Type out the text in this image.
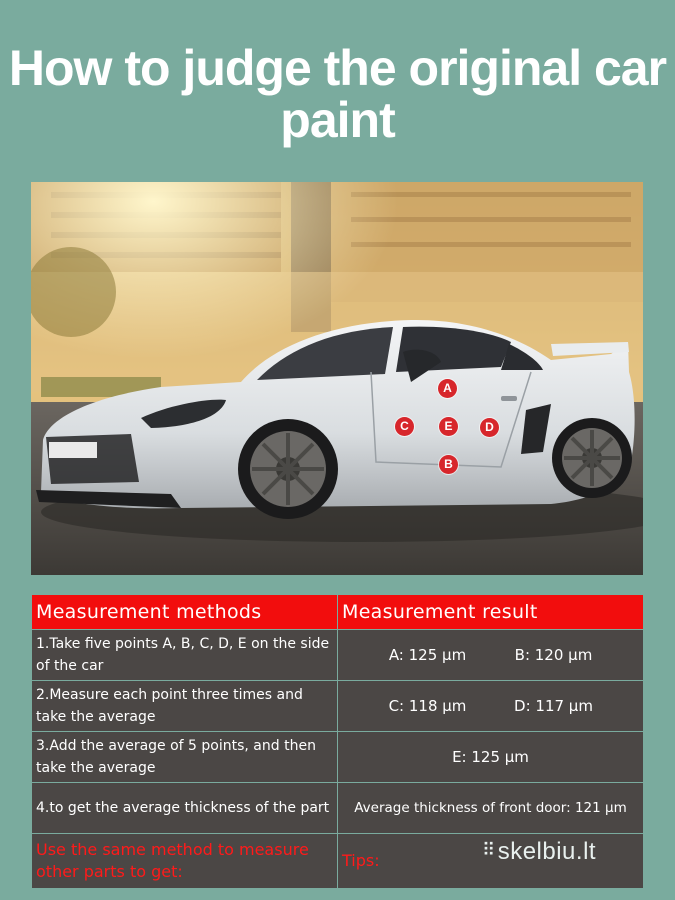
How to judge the original car paint
A
B
C	D
E
Measurement methods	Measurement result
1.Take five points A, B, C, D, E on the side of the car	A: 125 μm B: 120 μm
2.Measure each point three times and take the average	C: 118 μm D: 117 μm
3.Add the average of 5 points, and then take the average	E: 125 μm
4.to get the average thickness of the part	Average thickness of front door: 121 μm
Use the same method to measure other parts to get:	Tips:
⠿skelbiu.lt
